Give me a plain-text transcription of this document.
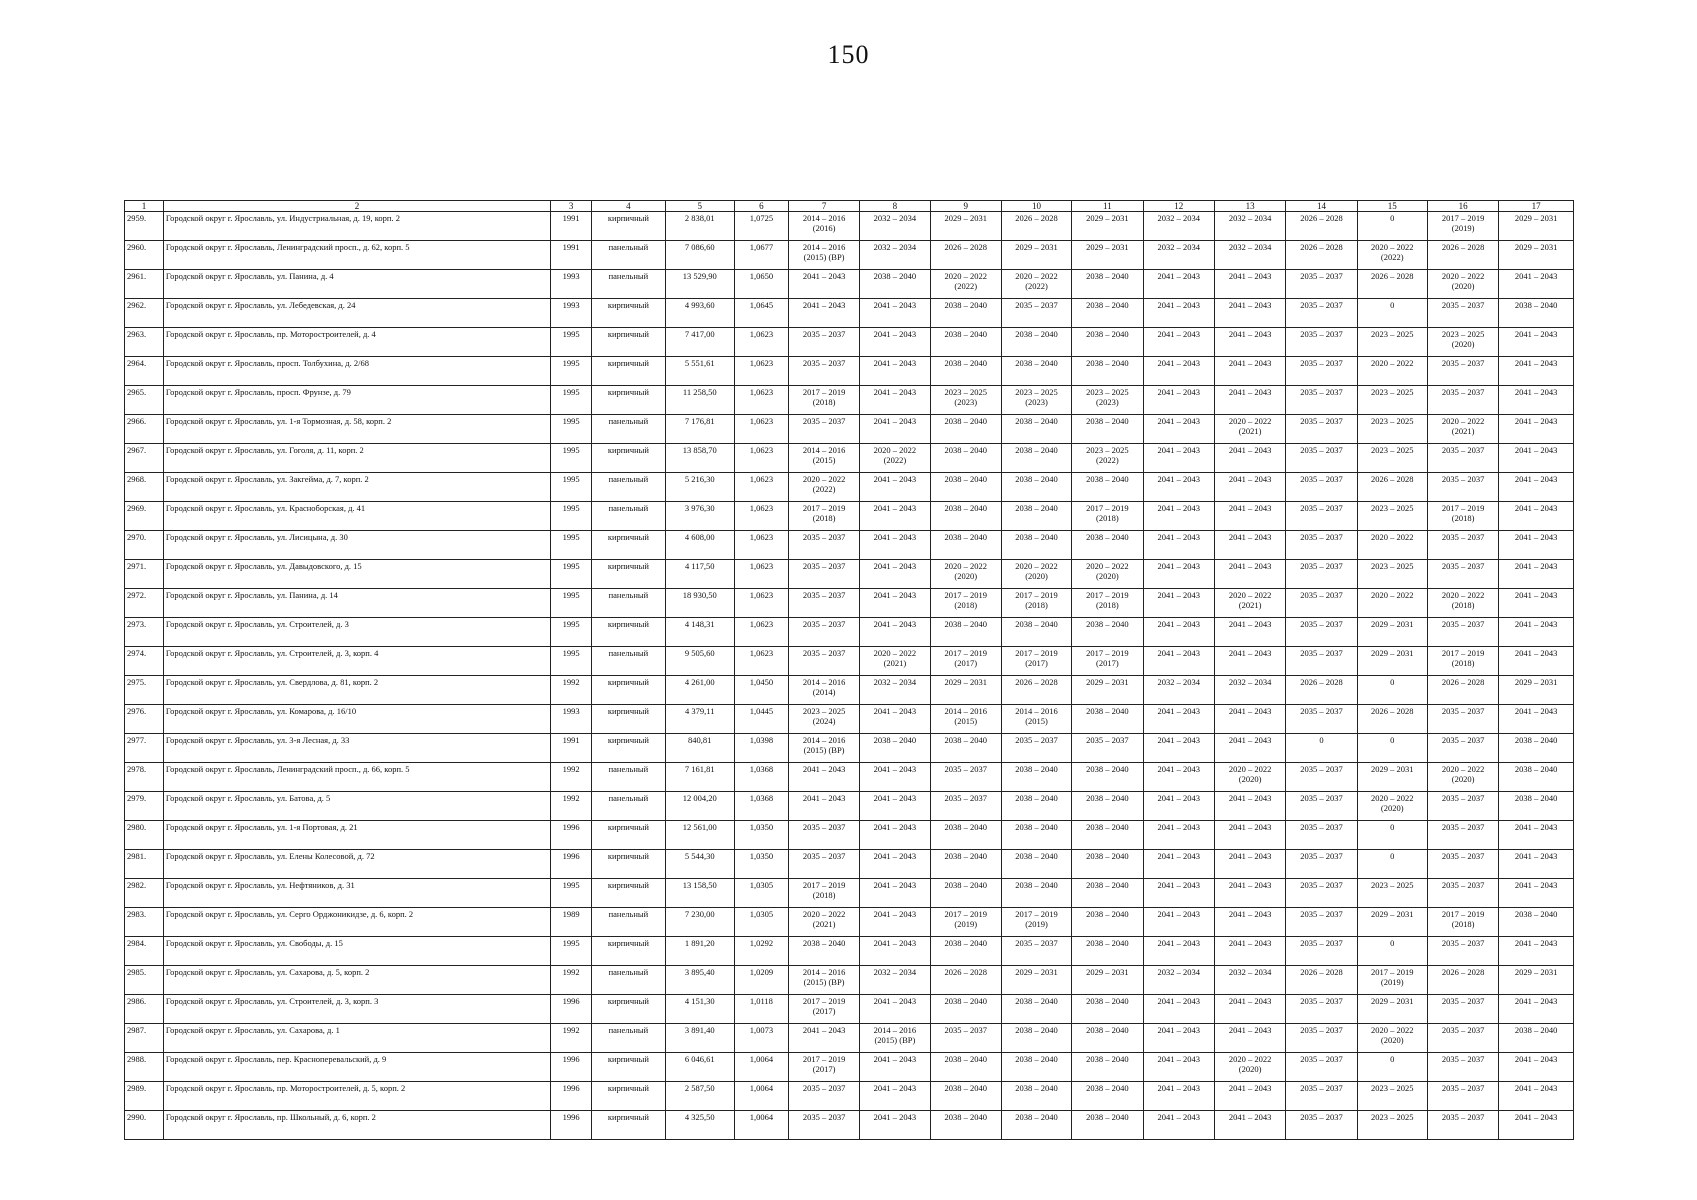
150
1	2	3	4	5	6	7	8	9	10	11	12	13	14	15	16	17
2959.	Городской округ г. Ярославль, ул. Индустриальная, д. 19, корп. 2	1991	кирпичный	2 838,01	1,0725	2014 – 2016 (2016)	2032 – 2034	2029 – 2031	2026 – 2028	2029 – 2031	2032 – 2034	2032 – 2034	2026 – 2028	0	2017 – 2019 (2019)	2029 – 2031
2960.	Городской округ г. Ярославль, Ленинградский просп., д. 62, корп. 5	1991	панельный	7 086,60	1,0677	2014 – 2016 (2015) (ВР)	2032 – 2034	2026 – 2028	2029 – 2031	2029 – 2031	2032 – 2034	2032 – 2034	2026 – 2028	2020 – 2022 (2022)	2026 – 2028	2029 – 2031
2961.	Городской округ г. Ярославль, ул. Панина, д. 4	1993	панельный	13 529,90	1,0650	2041 – 2043	2038 – 2040	2020 – 2022 (2022)	2020 – 2022 (2022)	2038 – 2040	2041 – 2043	2041 – 2043	2035 – 2037	2026 – 2028	2020 – 2022 (2020)	2041 – 2043
2962.	Городской округ г. Ярославль, ул. Лебедевская, д. 24	1993	кирпичный	4 993,60	1,0645	2041 – 2043	2041 – 2043	2038 – 2040	2035 – 2037	2038 – 2040	2041 – 2043	2041 – 2043	2035 – 2037	0	2035 – 2037	2038 – 2040
2963.	Городской округ г. Ярославль, пр. Моторостроителей, д. 4	1995	кирпичный	7 417,00	1,0623	2035 – 2037	2041 – 2043	2038 – 2040	2038 – 2040	2038 – 2040	2041 – 2043	2041 – 2043	2035 – 2037	2023 – 2025	2023 – 2025 (2020)	2041 – 2043
2964.	Городской округ г. Ярославль, просп. Толбухина, д. 2/68	1995	кирпичный	5 551,61	1,0623	2035 – 2037	2041 – 2043	2038 – 2040	2038 – 2040	2038 – 2040	2041 – 2043	2041 – 2043	2035 – 2037	2020 – 2022	2035 – 2037	2041 – 2043
2965.	Городской округ г. Ярославль, просп. Фрунзе, д. 79	1995	кирпичный	11 258,50	1,0623	2017 – 2019 (2018)	2041 – 2043	2023 – 2025 (2023)	2023 – 2025 (2023)	2023 – 2025 (2023)	2041 – 2043	2041 – 2043	2035 – 2037	2023 – 2025	2035 – 2037	2041 – 2043
2966.	Городской округ г. Ярославль, ул. 1-я Тормозная, д. 58, корп. 2	1995	панельный	7 176,81	1,0623	2035 – 2037	2041 – 2043	2038 – 2040	2038 – 2040	2038 – 2040	2041 – 2043	2020 – 2022 (2021)	2035 – 2037	2023 – 2025	2020 – 2022 (2021)	2041 – 2043
2967.	Городской округ г. Ярославль, ул. Гоголя, д. 11, корп. 2	1995	кирпичный	13 858,70	1,0623	2014 – 2016 (2015)	2020 – 2022 (2022)	2038 – 2040	2038 – 2040	2023 – 2025 (2022)	2041 – 2043	2041 – 2043	2035 – 2037	2023 – 2025	2035 – 2037	2041 – 2043
2968.	Городской округ г. Ярославль, ул. Закгейма, д. 7, корп. 2	1995	панельный	5 216,30	1,0623	2020 – 2022 (2022)	2041 – 2043	2038 – 2040	2038 – 2040	2038 – 2040	2041 – 2043	2041 – 2043	2035 – 2037	2026 – 2028	2035 – 2037	2041 – 2043
2969.	Городской округ г. Ярославль, ул. Красноборская, д. 41	1995	панельный	3 976,30	1,0623	2017 – 2019 (2018)	2041 – 2043	2038 – 2040	2038 – 2040	2017 – 2019 (2018)	2041 – 2043	2041 – 2043	2035 – 2037	2023 – 2025	2017 – 2019 (2018)	2041 – 2043
2970.	Городской округ г. Ярославль, ул. Лисицына, д. 30	1995	кирпичный	4 608,00	1,0623	2035 – 2037	2041 – 2043	2038 – 2040	2038 – 2040	2038 – 2040	2041 – 2043	2041 – 2043	2035 – 2037	2020 – 2022	2035 – 2037	2041 – 2043
2971.	Городской округ г. Ярославль, ул. Давыдовского, д. 15	1995	кирпичный	4 117,50	1,0623	2035 – 2037	2041 – 2043	2020 – 2022 (2020)	2020 – 2022 (2020)	2020 – 2022 (2020)	2041 – 2043	2041 – 2043	2035 – 2037	2023 – 2025	2035 – 2037	2041 – 2043
2972.	Городской округ г. Ярославль, ул. Панина, д. 14	1995	панельный	18 930,50	1,0623	2035 – 2037	2041 – 2043	2017 – 2019 (2018)	2017 – 2019 (2018)	2017 – 2019 (2018)	2041 – 2043	2020 – 2022 (2021)	2035 – 2037	2020 – 2022	2020 – 2022 (2018)	2041 – 2043
2973.	Городской округ г. Ярославль, ул. Строителей, д. 3	1995	кирпичный	4 148,31	1,0623	2035 – 2037	2041 – 2043	2038 – 2040	2038 – 2040	2038 – 2040	2041 – 2043	2041 – 2043	2035 – 2037	2029 – 2031	2035 – 2037	2041 – 2043
2974.	Городской округ г. Ярославль, ул. Строителей, д. 3, корп. 4	1995	панельный	9 505,60	1,0623	2035 – 2037	2020 – 2022 (2021)	2017 – 2019 (2017)	2017 – 2019 (2017)	2017 – 2019 (2017)	2041 – 2043	2041 – 2043	2035 – 2037	2029 – 2031	2017 – 2019 (2018)	2041 – 2043
2975.	Городской округ г. Ярославль, ул. Свердлова, д. 81, корп. 2	1992	кирпичный	4 261,00	1,0450	2014 – 2016 (2014)	2032 – 2034	2029 – 2031	2026 – 2028	2029 – 2031	2032 – 2034	2032 – 2034	2026 – 2028	0	2026 – 2028	2029 – 2031
2976.	Городской округ г. Ярославль, ул. Комарова, д. 16/10	1993	кирпичный	4 379,11	1,0445	2023 – 2025 (2024)	2041 – 2043	2014 – 2016 (2015)	2014 – 2016 (2015)	2038 – 2040	2041 – 2043	2041 – 2043	2035 – 2037	2026 – 2028	2035 – 2037	2041 – 2043
2977.	Городской округ г. Ярославль, ул. 3-я Лесная, д. 33	1991	кирпичный	840,81	1,0398	2014 – 2016 (2015) (ВР)	2038 – 2040	2038 – 2040	2035 – 2037	2035 – 2037	2041 – 2043	2041 – 2043	0	0	2035 – 2037	2038 – 2040
2978.	Городской округ г. Ярославль, Ленинградский просп., д. 66, корп. 5	1992	панельный	7 161,81	1,0368	2041 – 2043	2041 – 2043	2035 – 2037	2038 – 2040	2038 – 2040	2041 – 2043	2020 – 2022 (2020)	2035 – 2037	2029 – 2031	2020 – 2022 (2020)	2038 – 2040
2979.	Городской округ г. Ярославль, ул. Батова, д. 5	1992	панельный	12 004,20	1,0368	2041 – 2043	2041 – 2043	2035 – 2037	2038 – 2040	2038 – 2040	2041 – 2043	2041 – 2043	2035 – 2037	2020 – 2022 (2020)	2035 – 2037	2038 – 2040
2980.	Городской округ г. Ярославль, ул. 1-я Портовая, д. 21	1996	кирпичный	12 561,00	1,0350	2035 – 2037	2041 – 2043	2038 – 2040	2038 – 2040	2038 – 2040	2041 – 2043	2041 – 2043	2035 – 2037	0	2035 – 2037	2041 – 2043
2981.	Городской округ г. Ярославль, ул. Елены Колесовой, д. 72	1996	кирпичный	5 544,30	1,0350	2035 – 2037	2041 – 2043	2038 – 2040	2038 – 2040	2038 – 2040	2041 – 2043	2041 – 2043	2035 – 2037	0	2035 – 2037	2041 – 2043
2982.	Городской округ г. Ярославль, ул. Нефтяников, д. 31	1995	кирпичный	13 158,50	1,0305	2017 – 2019 (2018)	2041 – 2043	2038 – 2040	2038 – 2040	2038 – 2040	2041 – 2043	2041 – 2043	2035 – 2037	2023 – 2025	2035 – 2037	2041 – 2043
2983.	Городской округ г. Ярославль, ул. Серго Орджоникидзе, д. 6, корп. 2	1989	панельный	7 230,00	1,0305	2020 – 2022 (2021)	2041 – 2043	2017 – 2019 (2019)	2017 – 2019 (2019)	2038 – 2040	2041 – 2043	2041 – 2043	2035 – 2037	2029 – 2031	2017 – 2019 (2018)	2038 – 2040
2984.	Городской округ г. Ярославль, ул. Свободы, д. 15	1995	кирпичный	1 891,20	1,0292	2038 – 2040	2041 – 2043	2038 – 2040	2035 – 2037	2038 – 2040	2041 – 2043	2041 – 2043	2035 – 2037	0	2035 – 2037	2041 – 2043
2985.	Городской округ г. Ярославль, ул. Сахарова, д. 5, корп. 2	1992	панельный	3 895,40	1,0209	2014 – 2016 (2015) (ВР)	2032 – 2034	2026 – 2028	2029 – 2031	2029 – 2031	2032 – 2034	2032 – 2034	2026 – 2028	2017 – 2019 (2019)	2026 – 2028	2029 – 2031
2986.	Городской округ г. Ярославль, ул. Строителей, д. 3, корп. 3	1996	кирпичный	4 151,30	1,0118	2017 – 2019 (2017)	2041 – 2043	2038 – 2040	2038 – 2040	2038 – 2040	2041 – 2043	2041 – 2043	2035 – 2037	2029 – 2031	2035 – 2037	2041 – 2043
2987.	Городской округ г. Ярославль, ул. Сахарова, д. 1	1992	панельный	3 891,40	1,0073	2041 – 2043	2014 – 2016 (2015) (ВР)	2035 – 2037	2038 – 2040	2038 – 2040	2041 – 2043	2041 – 2043	2035 – 2037	2020 – 2022 (2020)	2035 – 2037	2038 – 2040
2988.	Городской округ г. Ярославль, пер. Красноперевальский, д. 9	1996	кирпичный	6 046,61	1,0064	2017 – 2019 (2017)	2041 – 2043	2038 – 2040	2038 – 2040	2038 – 2040	2041 – 2043	2020 – 2022 (2020)	2035 – 2037	0	2035 – 2037	2041 – 2043
2989.	Городской округ г. Ярославль, пр. Моторостроителей, д. 5, корп. 2	1996	кирпичный	2 587,50	1,0064	2035 – 2037	2041 – 2043	2038 – 2040	2038 – 2040	2038 – 2040	2041 – 2043	2041 – 2043	2035 – 2037	2023 – 2025	2035 – 2037	2041 – 2043
2990.	Городской округ г. Ярославль, пр. Школьный, д. 6, корп. 2	1996	кирпичный	4 325,50	1,0064	2035 – 2037	2041 – 2043	2038 – 2040	2038 – 2040	2038 – 2040	2041 – 2043	2041 – 2043	2035 – 2037	2023 – 2025	2035 – 2037	2041 – 2043
